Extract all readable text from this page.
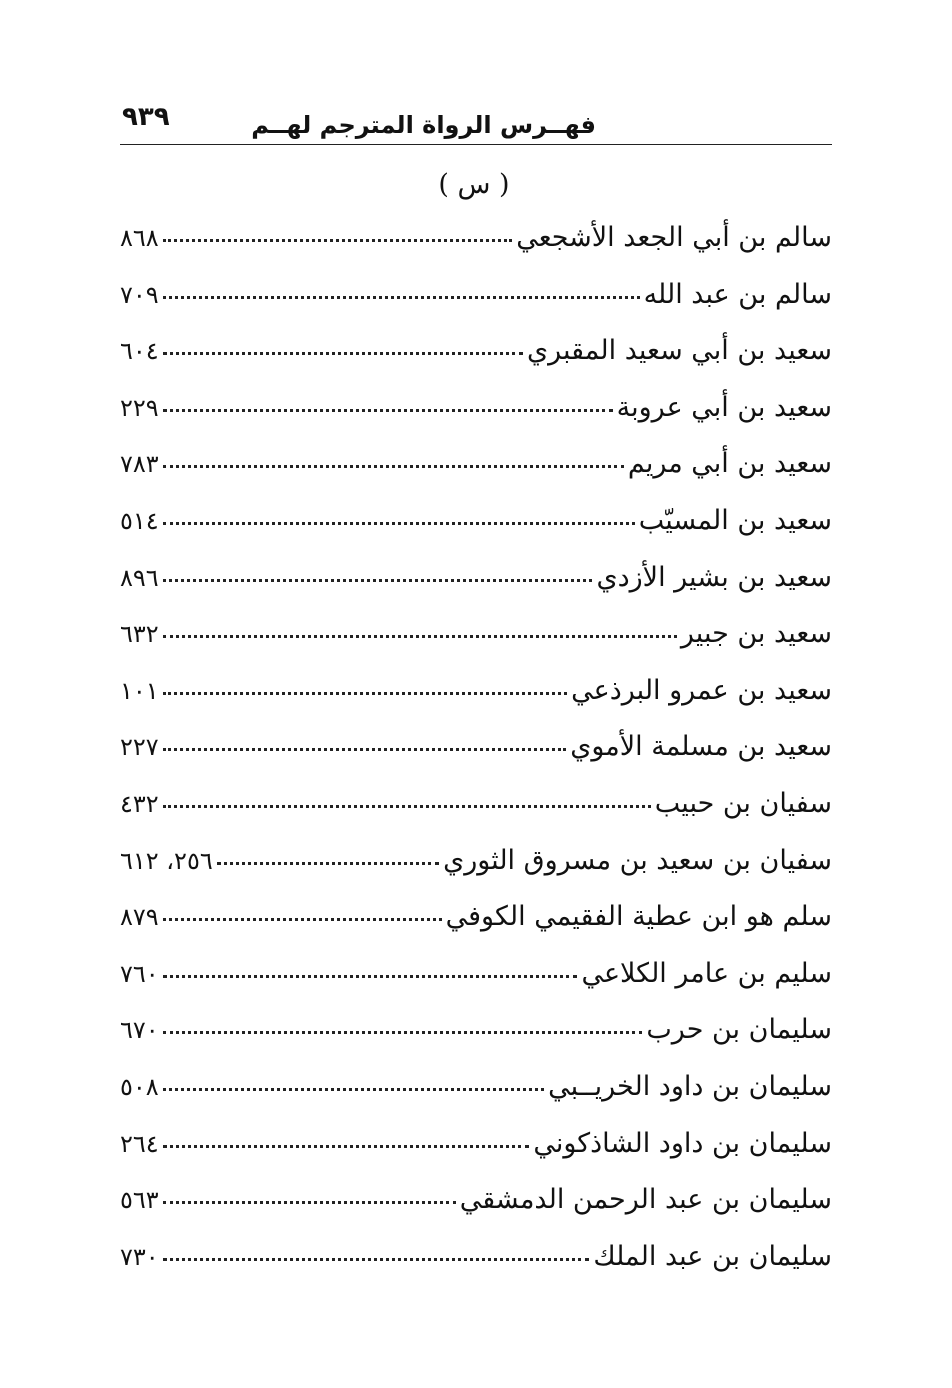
فهــرس الرواة المترجم لهــم
٩٣٩
( س )
سالم بن أبي الجعد الأشجعي
٨٦٨
سالم بن عبد الله
٧٠٩
سعيد بن أبي سعيد المقبري
٦٠٤
سعيد بن أبي عروبة
٢٢٩
سعيد بن أبي مريم
٧٨٣
سعيد بن المسيّب
٥١٤
سعيد بن بشير الأزدي
٨٩٦
سعيد بن جبير
٦٣٢
سعيد بن عمرو البرذعي
١٠١
سعيد بن مسلمة الأموي
٢٢٧
سفيان بن حبيب
٤٣٢
سفيان بن سعيد بن مسروق الثوري
٢٥٦، ٦١٢
سلم هو ابن عطية الفقيمي الكوفي
٨٧٩
سليم بن عامر الكلاعي
٧٦٠
سليمان بن حرب
٦٧٠
سليمان بن داود الخريــبي
٥٠٨
سليمان بن داود الشاذكوني
٢٦٤
سليمان بن عبد الرحمن الدمشقي
٥٦٣
سليمان بن عبد الملك
٧٣٠
